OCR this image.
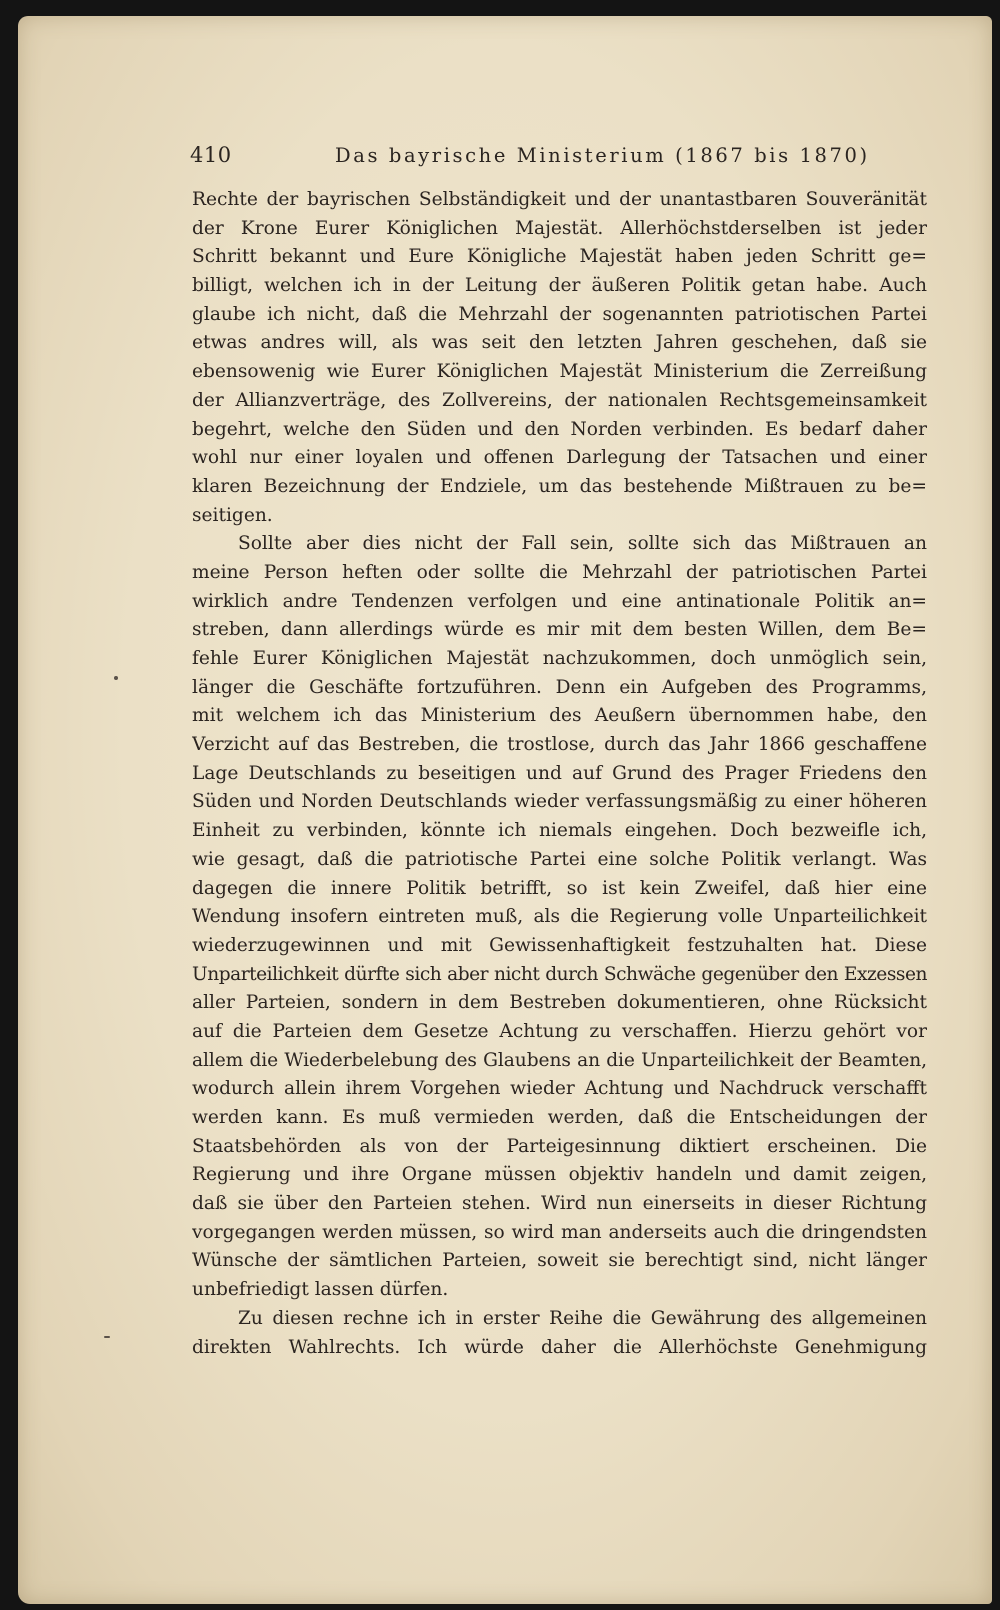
410	Das bayrische Ministerium (1867 bis 1870)
Rechte der bayrischen Selbständigkeit und der unantastbaren Souveränität
der Krone Eurer Königlichen Majestät. Allerhöchstderselben ist jeder
Schritt bekannt und Eure Königliche Majestät haben jeden Schritt ge=
billigt, welchen ich in der Leitung der äußeren Politik getan habe. Auch
glaube ich nicht, daß die Mehrzahl der sogenannten patriotischen Partei
etwas andres will, als was seit den letzten Jahren geschehen, daß sie
ebensowenig wie Eurer Königlichen Majestät Ministerium die Zerreißung
der Allianzverträge, des Zollvereins, der nationalen Rechtsgemeinsamkeit
begehrt, welche den Süden und den Norden verbinden. Es bedarf daher
wohl nur einer loyalen und offenen Darlegung der Tatsachen und einer
klaren Bezeichnung der Endziele, um das bestehende Mißtrauen zu be=
seitigen.
Sollte aber dies nicht der Fall sein, sollte sich das Mißtrauen an
meine Person heften oder sollte die Mehrzahl der patriotischen Partei
wirklich andre Tendenzen verfolgen und eine antinationale Politik an=
streben, dann allerdings würde es mir mit dem besten Willen, dem Be=
fehle Eurer Königlichen Majestät nachzukommen, doch unmöglich sein,
länger die Geschäfte fortzuführen. Denn ein Aufgeben des Programms,
mit welchem ich das Ministerium des Aeußern übernommen habe, den
Verzicht auf das Bestreben, die trostlose, durch das Jahr 1866 geschaffene
Lage Deutschlands zu beseitigen und auf Grund des Prager Friedens den
Süden und Norden Deutschlands wieder verfassungsmäßig zu einer höheren
Einheit zu verbinden, könnte ich niemals eingehen. Doch bezweifle ich,
wie gesagt, daß die patriotische Partei eine solche Politik verlangt. Was
dagegen die innere Politik betrifft, so ist kein Zweifel, daß hier eine
Wendung insofern eintreten muß, als die Regierung volle Unparteilichkeit
wiederzugewinnen und mit Gewissenhaftigkeit festzuhalten hat. Diese
Unparteilichkeit dürfte sich aber nicht durch Schwäche gegenüber den Exzessen
aller Parteien, sondern in dem Bestreben dokumentieren, ohne Rücksicht
auf die Parteien dem Gesetze Achtung zu verschaffen. Hierzu gehört vor
allem die Wiederbelebung des Glaubens an die Unparteilichkeit der Beamten,
wodurch allein ihrem Vorgehen wieder Achtung und Nachdruck verschafft
werden kann. Es muß vermieden werden, daß die Entscheidungen der
Staatsbehörden als von der Parteigesinnung diktiert erscheinen. Die
Regierung und ihre Organe müssen objektiv handeln und damit zeigen,
daß sie über den Parteien stehen. Wird nun einerseits in dieser Richtung
vorgegangen werden müssen, so wird man anderseits auch die dringendsten
Wünsche der sämtlichen Parteien, soweit sie berechtigt sind, nicht länger
unbefriedigt lassen dürfen.
Zu diesen rechne ich in erster Reihe die Gewährung des allgemeinen
direkten Wahlrechts. Ich würde daher die Allerhöchste Genehmigung
